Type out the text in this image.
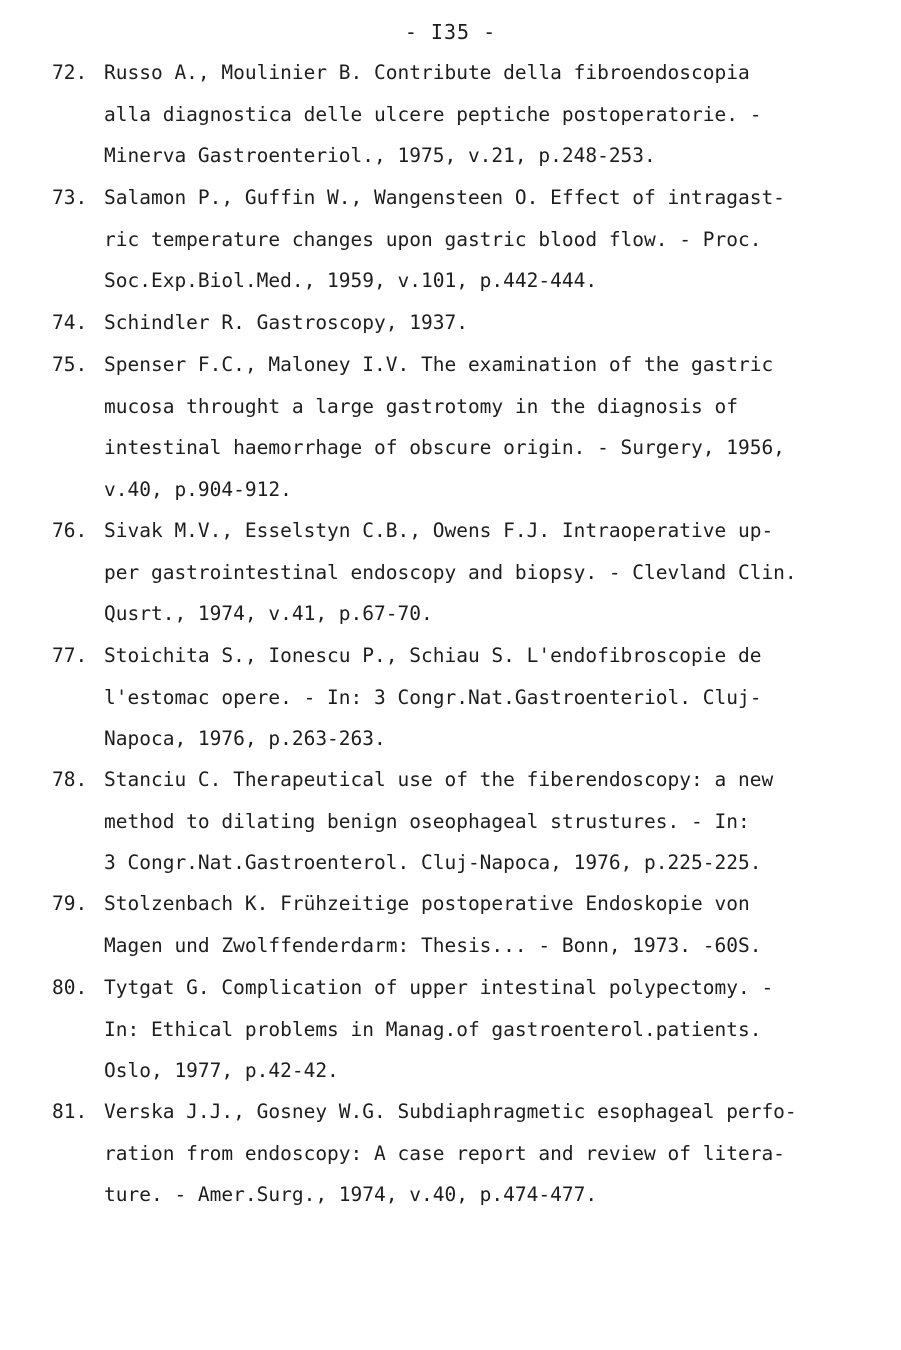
- I35 -
72. Russo A., Moulinier B. Contribute della fibroendoscopia
alla diagnostica delle ulcere peptiche postoperatorie. -
Minerva Gastroenteriol., 1975, v.21, p.248-253.
73. Salamon P., Guffin W., Wangensteen O. Effect of intragast-
ric temperature changes upon gastric blood flow. - Proc.
Soc.Exp.Biol.Med., 1959, v.101, p.442-444.
74. Schindler R. Gastroscopy, 1937.
75. Spenser F.C., Maloney I.V. The examination of the gastric
mucosa throught a large gastrotomy in the diagnosis of
intestinal haemorrhage of obscure origin. - Surgery, 1956,
v.40, p.904-912.
76. Sivak M.V., Esselstyn C.B., Owens F.J. Intraoperative up-
per gastrointestinal endoscopy and biopsy. - Clevland Clin.
Qusrt., 1974, v.41, p.67-70.
77. Stoichita S., Ionescu P., Schiau S. L'endofibroscopie de
l'estomac opere. - In: 3 Congr.Nat.Gastroenteriol. Cluj-
Napoca, 1976, p.263-263.
78. Stanciu C. Therapeutical use of the fiberendoscopy: a new
method to dilating benign oseophageal strustures. - In:
3 Congr.Nat.Gastroenterol. Cluj-Napoca, 1976, p.225-225.
79. Stolzenbach K. Frühzeitige postoperative Endoskopie von
Magen und Zwolffenderdarm: Thesis... - Bonn, 1973. -60S.
80. Tytgat G. Complication of upper intestinal polypectomy. -
In: Ethical problems in Manag.of gastroenterol.patients.
Oslo, 1977, p.42-42.
81. Verska J.J., Gosney W.G. Subdiaphragmetic esophageal perfo-
ration from endoscopy: A case report and review of litera-
ture. - Amer.Surg., 1974, v.40, p.474-477.
